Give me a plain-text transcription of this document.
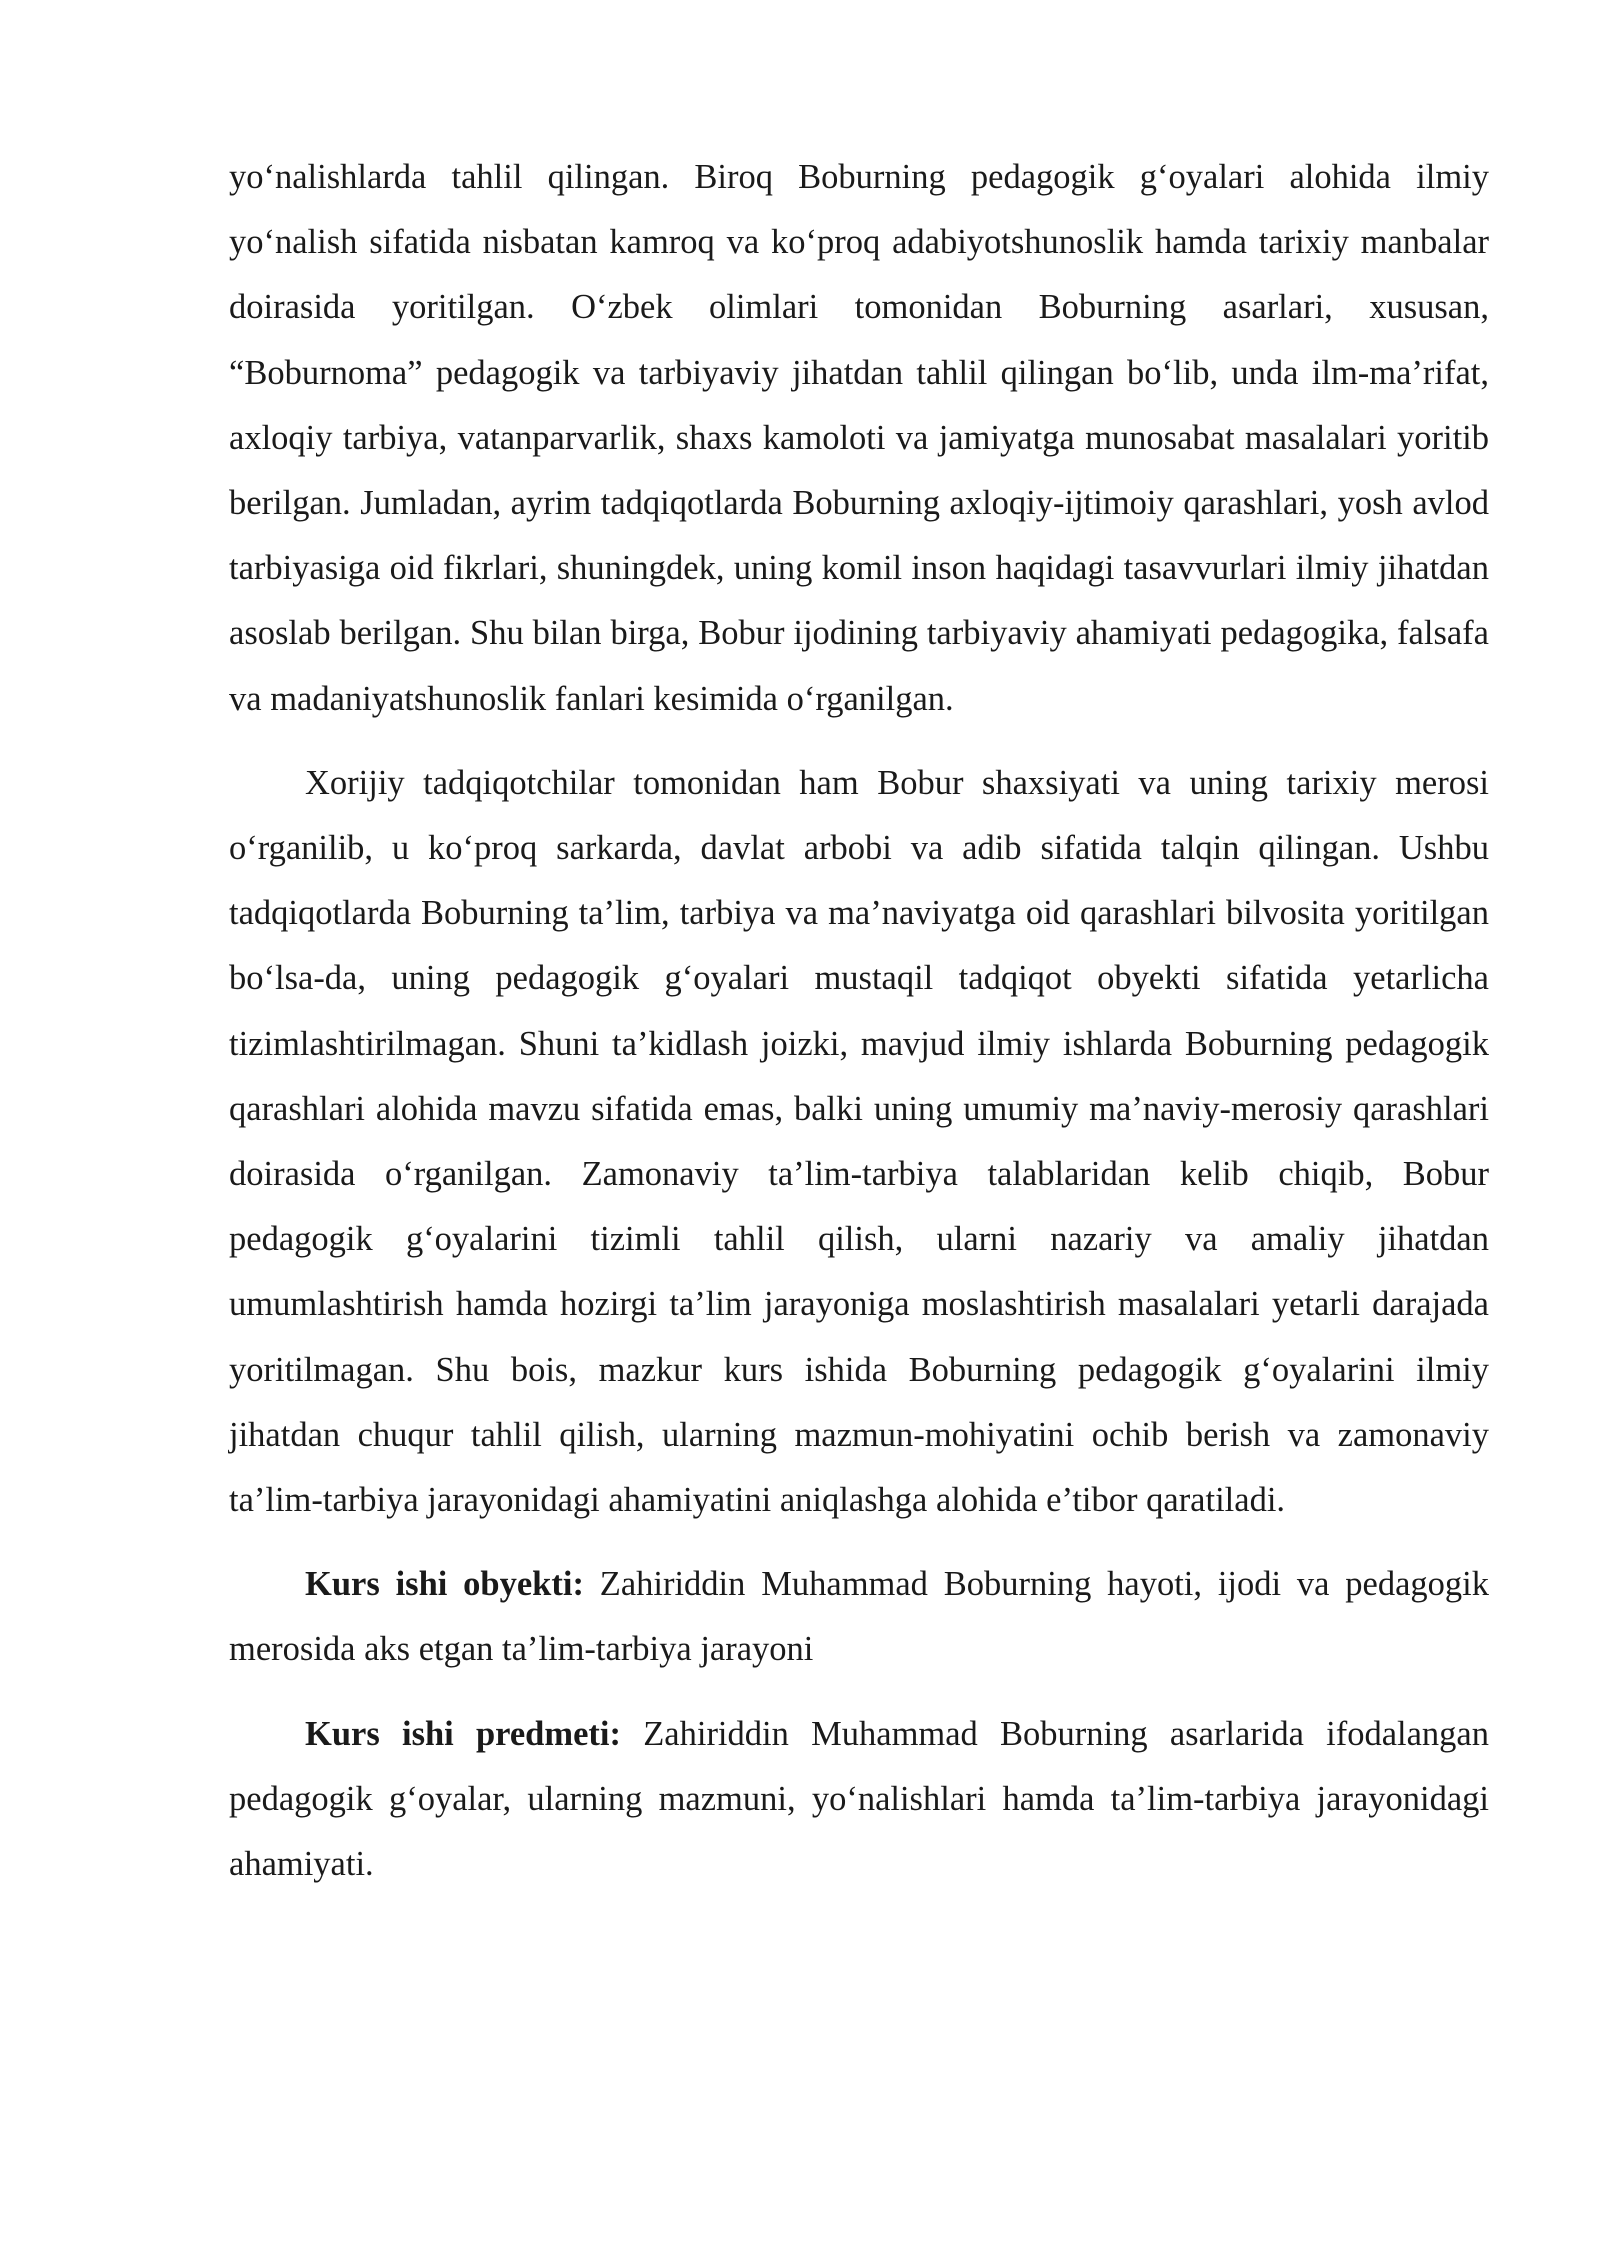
yo‘nalishlarda tahlil qilingan. Biroq Boburning pedagogik g‘oyalari alohida ilmiy yo‘nalish sifatida nisbatan kamroq va ko‘proq adabiyotshunoslik hamda tarixiy manbalar doirasida yoritilgan. O‘zbek olimlari tomonidan Boburning asarlari, xususan, “Boburnoma” pedagogik va tarbiyaviy jihatdan tahlil qilingan bo‘lib, unda ilm-ma’rifat, axloqiy tarbiya, vatanparvarlik, shaxs kamoloti va jamiyatga munosabat masalalari yoritib berilgan. Jumladan, ayrim tadqiqotlarda Boburning axloqiy-ijtimoiy qarashlari, yosh avlod tarbiyasiga oid fikrlari, shuningdek, uning komil inson haqidagi tasavvurlari ilmiy jihatdan asoslab berilgan. Shu bilan birga, Bobur ijodining tarbiyaviy ahamiyati pedagogika, falsafa va madaniyatshunoslik fanlari kesimida o‘rganilgan.

Xorijiy tadqiqotchilar tomonidan ham Bobur shaxsiyati va uning tarixiy merosi o‘rganilib, u ko‘proq sarkarda, davlat arbobi va adib sifatida talqin qilingan. Ushbu tadqiqotlarda Boburning ta’lim, tarbiya va ma’naviyatga oid qarashlari bilvosita yoritilgan bo‘lsa-da, uning pedagogik g‘oyalari mustaqil tadqiqot obyekti sifatida yetarlicha tizimlashtirilmagan. Shuni ta’kidlash joizki, mavjud ilmiy ishlarda Boburning pedagogik qarashlari alohida mavzu sifatida emas, balki uning umumiy ma’naviy-merosiy qarashlari doirasida o‘rganilgan. Zamonaviy ta’lim-tarbiya talablaridan kelib chiqib, Bobur pedagogik g‘oyalarini tizimli tahlil qilish, ularni nazariy va amaliy jihatdan umumlashtirish hamda hozirgi ta’lim jarayoniga moslashtirish masalalari yetarli darajada yoritilmagan. Shu bois, mazkur kurs ishida Boburning pedagogik g‘oyalarini ilmiy jihatdan chuqur tahlil qilish, ularning mazmun-mohiyatini ochib berish va zamonaviy ta’lim-tarbiya jarayonidagi ahamiyatini aniqlashga alohida e’tibor qaratiladi.

Kurs ishi obyekti: Zahiriddin Muhammad Boburning hayoti, ijodi va pedagogik merosida aks etgan ta’lim-tarbiya jarayoni

Kurs ishi predmeti: Zahiriddin Muhammad Boburning asarlarida ifodalangan pedagogik g‘oyalar, ularning mazmuni, yo‘nalishlari hamda ta’lim-tarbiya jarayonidagi ahamiyati.
